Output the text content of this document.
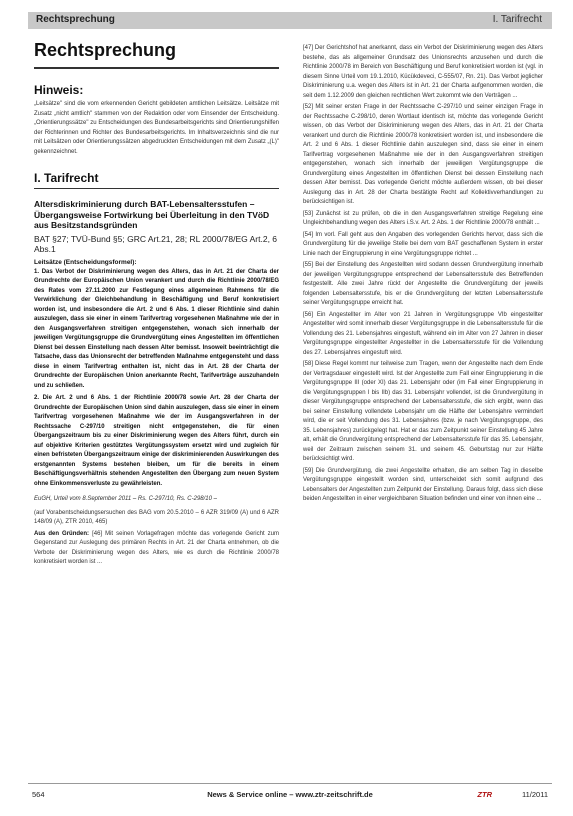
Rechtsprechung	I. Tarifrecht
Rechtsprechung
Hinweis:

„Leitsätze" sind die vom erkennenden Gericht gebildeten amtlichen Leitsätze. Leitsätze mit Zusatz „nicht amtlich" stammen von der Redaktion oder vom Einsender der Entscheidung. „Orientierungssätze" zu Entscheidungen des Bundesarbeitsgerichts sind Orientierungshilfen der Richterinnen und Richter des Bundesarbeitsgerichts. Im Inhaltsverzeichnis sind die nur mit Leitsätzen oder Orientierungssätzen abgedruckten Entscheidungen mit dem Zusatz „(L)" gekennzeichnet.

I. Tarifrecht
Altersdiskriminierung durch BAT-Lebensaltersstufen – Übergangsweise Fortwirkung bei Überleitung in den TVöD aus Besitzstandsgründen

BAT §27; TVÜ-Bund §5; GRC Art.21, 28; RL 2000/78/EG Art.2, 6 Abs.1

Leitsätze (Entscheidungsformel):

1. Das Verbot der Diskriminierung wegen des Alters, das in Art. 21 der Charta der Grundrechte der Europäischen Union verankert und durch die Richtlinie 2000/78/EG des Rates vom 27.11.2000 zur Festlegung eines allgemeinen Rahmens für die Verwirklichung der Gleichbehandlung in Beschäftigung und Beruf konkretisiert worden ist, und insbesondere die Art. 2 und 6 Abs. 1 dieser Richtlinie sind dahin auszulegen, dass sie einer in einem Tarifvertrag vorgesehenen Maßnahme wie der in den Ausgangsverfahren streitigen entgegenstehen, wonach sich innerhalb der jeweiligen Vergütungsgruppe die Grundvergütung eines Angestellten im öffentlichen Dienst bei dessen Einstellung nach dessen Alter bemisst. Insoweit beeinträchtigt die Tatsache, dass das Unionsrecht der betreffenden Maßnahme entgegensteht und dass diese in einem Tarifvertrag enthalten ist, nicht das in Art. 28 der Charta der Grundrechte der Europäischen Union anerkannte Recht, Tarifverträge auszuhandeln und zu schließen.

2. Die Art. 2 und 6 Abs. 1 der Richtlinie 2000/78 sowie Art. 28 der Charta der Grundrechte der Europäischen Union sind dahin auszulegen, dass sie einer in einem Tarifvertrag vorgesehenen Maßnahme wie der im Ausgangsverfahren in der Rechtssache C-297/10 streitigen nicht entgegenstehen, die für einen Übergangszeitraum bis zu einer Diskriminierung wegen des Alters führt, durch ein auf objektive Kriterien gestütztes Vergütungssystem ersetzt wird und zugleich für einen befristeten Übergangszeitraum einige der diskriminierenden Auswirkungen des erstgenannten Systems bestehen bleiben, um für die bereits in einem Beschäftigungsverhältnis stehenden Angestellten den Übergang zum neuen System ohne Einkommensverluste zu gewährleisten.

EuGH, Urteil vom 8.September 2011 – Rs. C-297/10, Rs. C-298/10 –

(auf Vorabentscheidungsersuchen des BAG vom 20.5.2010 – 6 AZR 319/09 (A) und 6 AZR 148/09 (A), ZTR 2010, 465)

Aus den Gründen: [46] Mit seinen Vorlagefragen möchte das vorlegende Gericht zum Gegenstand zur Auslegung des primären Rechts in Art. 21 der Charta entnehmen, ob die Verbote der Diskriminierung wegen des Alters, wie es durch die Richtlinie 2000/78 konkretisiert worden ist ...

[47] Der Gerichtshof hat anerkannt, dass ein Verbot der Diskriminierung wegen des Alters bestehe, das als allgemeiner Grundsatz des Unionsrechts anzusehen und durch die Richtlinie 2000/78 im Bereich von Beschäftigung und Beruf konkretisiert worden ist (vgl. in diesem Sinne Urteil vom 19.1.2010, Kücükdeveci, C-555/07, Rn. 21). Das Verbot jeglicher Diskriminierung u.a. wegen des Alters ist in Art. 21 der Charta aufgenommen worden, die seit dem 1.12.2009 den gleichen rechtlichen Wert zukommt wie den Verträgen ...

[52] Mit seiner ersten Frage in der Rechtssache C-297/10 und seiner einzigen Frage in der Rechtssache C-298/10, deren Wortlaut identisch ist, möchte das vorlegende Gericht wissen, ob das Verbot der Diskriminierung wegen des Alters, das in Art. 21 der Charta verankert und durch die Richtlinie 2000/78 konkretisiert worden ist, und insbesondere die Art. 2 und 6 Abs. 1 dieser Richtlinie dahin auszulegen sind, dass sie einer in einem Tarifvertrag vorgesehenen Maßnahme wie der in den Ausgangsverfahren streitigen entgegenstehen, wonach sich innerhalb der jeweiligen Vergütungsgruppe die Grundvergütung eines Angestellten im öffentlichen Dienst bei dessen Einstellung nach dessen Alter bemisst. Das vorlegende Gericht möchte außerdem wissen, ob bei dieser Auslegung das in Art. 28 der Charta bestätigte Recht auf Kollektivverhandlungen zu berücksichtigen ist.

[53] Zunächst ist zu prüfen, ob die in den Ausgangsverfahren streitige Regelung eine Ungleichbehandlung wegen des Alters i.S.v. Art. 2 Abs. 1 der Richtlinie 2000/78 enthält ...

[54] Im vorl. Fall geht aus den Angaben des vorlegenden Gerichts hervor, dass sich die Grundvergütung für die jeweilige Stelle bei dem vom BAT geschaffenen System in erster Linie nach der Eingruppierung in eine Vergütungsgruppe richtet ...

[55] Bei der Einstellung des Angestellten wird sodann dessen Grundvergütung innerhalb der jeweiligen Vergütungsgruppe entsprechend der Lebensaltersstufe des Betreffenden festgestellt. Alle zwei Jahre rückt der Angestellte die Grundvergütung der jeweils folgenden Lebensaltersstufe, bis er die Grundvergütung der letzten Lebensaltersstufe seiner Vergütungsgruppe erreicht hat.

[56] Ein Angestellter im Alter von 21 Jahren in Vergütungsgruppe VIb eingestellter Angestellter wird somit innerhalb dieser Vergütungsgruppe in die Lebensaltersstufe für die Vollendung des 21. Lebensjahres eingestuft, während ein im Alter von 27 Jahren in dieser Vergütungsgruppe eingestellter Angestellter in die Lebensaltersstufe für die Vollendung des 27. Lebensjahres eingestuft wird.

[58] Diese Regel kommt nur teilweise zum Tragen, wenn der Angestellte nach dem Ende der Vertragsdauer eingestellt wird. Ist der Angestellte zum Fall einer Eingruppierung in die Vergütungsgruppe III (oder XI) das 21. Lebensjahr oder (im Fall einer Eingruppierung in die Vergütungsgruppen I bis IIb) das 31. Lebensjahr vollendet, ist die Grundvergütung in dieser Vergütungsgruppe entsprechend der Lebensaltersstufe, die sich ergibt, wenn das bei seiner Einstellung vollendete Lebensjahr um die Hälfte der Lebensjahre vermindert wird, die er seit Vollendung des 31. Lebensjahres (bzw. je nach Vergütungsgruppe, des 35. Lebensjahres) zurückgelegt hat. Hat er das zum Zeitpunkt seiner Einstellung 45 Jahre alt, erhält die Grundvergütung entsprechend der Lebensaltersstufe für das 35. Lebensjahr, weil der Zeitraum zwischen seinem 31. und seinem 45. Geburtstag nur zur Hälfte berücksichtigt wird.

[59] Die Grundvergütung, die zwei Angestellte erhalten, die am selben Tag in dieselbe Vergütungsgruppe eingestellt worden sind, unterscheidet sich somit aufgrund des Lebensalters der Angestellten zum Zeitpunkt der Einstellung. Daraus folgt, dass sich diese beiden Angestellten in einer vergleichbaren Situation befinden und einer von ihnen eine ...

564	News & Service online – www.ztr-zeitschrift.de	ZTR	11/2011
